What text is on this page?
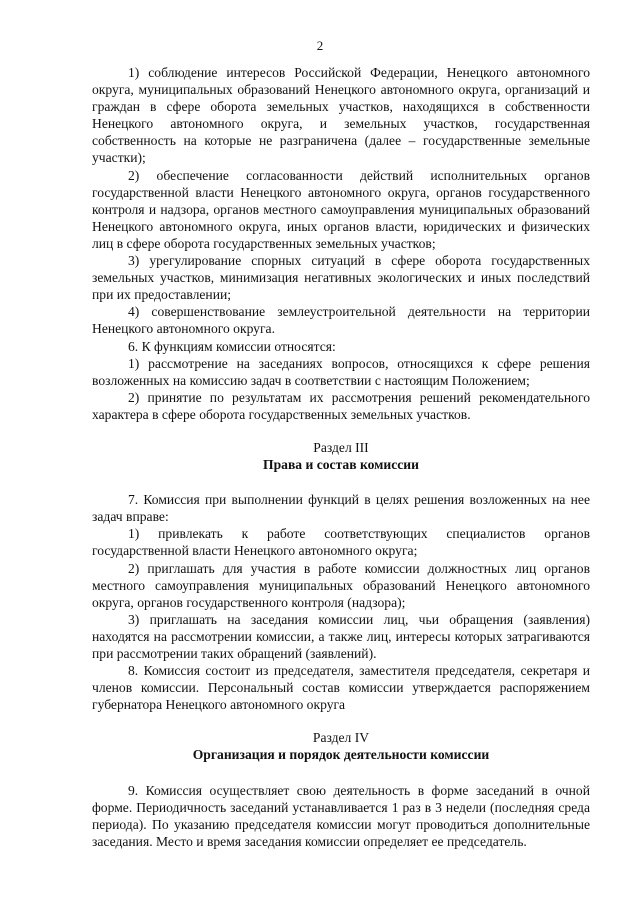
2

1) соблюдение интересов Российской Федерации, Ненецкого автономного округа, муниципальных образований Ненецкого автономного округа, организаций и граждан в сфере оборота земельных участков, находящихся в собственности Ненецкого автономного округа, и земельных участков, государственная собственность на которые не разграничена (далее – государственные земельные участки);

2) обеспечение согласованности действий исполнительных органов государственной власти Ненецкого автономного округа, органов государственного контроля и надзора, органов местного самоуправления муниципальных образований Ненецкого автономного округа, иных органов власти, юридических и физических лиц в сфере оборота государственных земельных участков;

3) урегулирование спорных ситуаций в сфере оборота государственных земельных участков, минимизация негативных экологических и иных последствий при их предоставлении;

4) совершенствование землеустроительной деятельности на территории Ненецкого автономного округа.

6. К функциям комиссии относятся:

1) рассмотрение на заседаниях вопросов, относящихся к сфере решения возложенных на комиссию задач в соответствии с настоящим Положением;

2) принятие по результатам их рассмотрения решений рекомендательного характера в сфере оборота государственных земельных участков.

Раздел III

Права и состав комиссии

7. Комиссия при выполнении функций в целях решения возложенных на нее задач вправе:

1) привлекать к работе соответствующих специалистов органов государственной власти Ненецкого автономного округа;

2) приглашать для участия в работе комиссии должностных лиц органов местного самоуправления муниципальных образований Ненецкого автономного округа, органов государственного контроля (надзора);

3) приглашать на заседания комиссии лиц, чьи обращения (заявления) находятся на рассмотрении комиссии, а также лиц, интересы которых затрагиваются при рассмотрении таких обращений (заявлений).

8. Комиссия состоит из председателя, заместителя председателя, секретаря и членов комиссии. Персональный состав комиссии утверждается распоряжением губернатора Ненецкого автономного округа

Раздел IV

Организация и порядок деятельности комиссии

9. Комиссия осуществляет свою деятельность в форме заседаний в очной форме. Периодичность заседаний устанавливается 1 раз в 3 недели (последняя среда периода). По указанию председателя комиссии могут проводиться дополнительные заседания. Место и время заседания комиссии определяет ее председатель.
